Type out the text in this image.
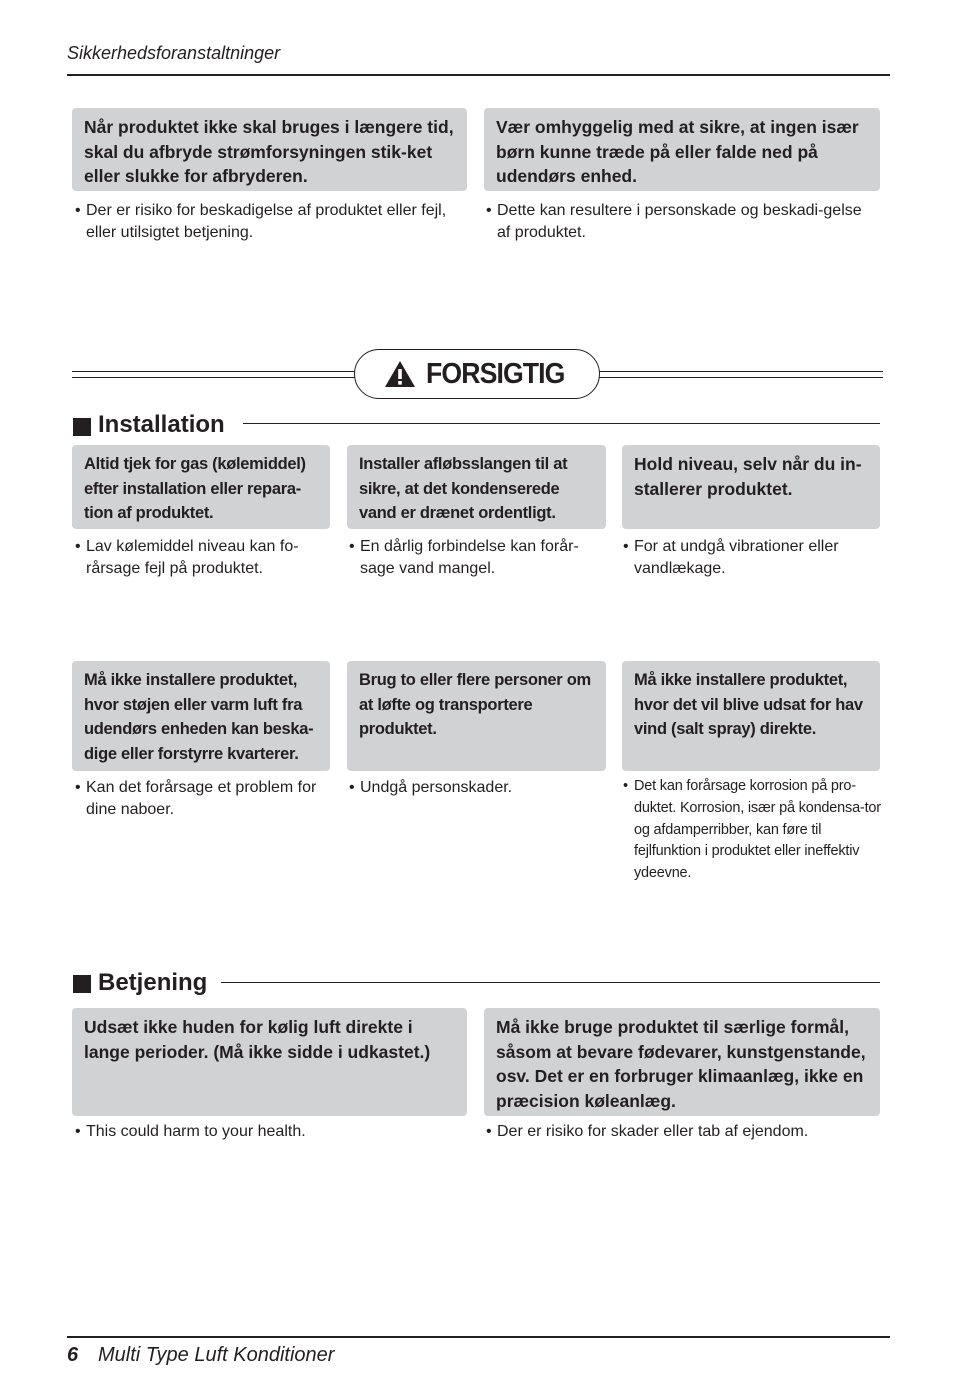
Sikkerhedsforanstaltninger
Når produktet ikke skal bruges i længere tid, skal du afbryde strømforsyningen stik-ket eller slukke for afbryderen.
• Der er risiko for beskadigelse af produktet eller fejl, eller utilsigtet betjening.
Vær omhyggelig med at sikre, at ingen især børn kunne træde på eller falde ned på udendørs enhed.
• Dette kan resultere i personskade og beskadi-gelse af produktet.
FORSIGTIG
Installation
Altid tjek for gas (kølemiddel) efter installation eller repara-tion af produktet.
• Lav kølemiddel niveau kan fo-rårsage fejl på produktet.
Installer afløbsslangen til at sikre, at det kondenserede vand er drænet ordentligt.
• En dårlig forbindelse kan forår-sage vand mangel.
Hold niveau, selv når du in-stallerer produktet.
• For at undgå vibrationer eller vandlækage.
Må ikke installere produktet, hvor støjen eller varm luft fra udendørs enheden kan beska-dige eller forstyrre kvarterer.
• Kan det forårsage et problem for dine naboer.
Brug to eller flere personer om at løfte og transportere produktet.
• Undgå personskader.
Må ikke installere produktet, hvor det vil blive udsat for hav vind (salt spray) direkte.
• Det kan forårsage korrosion på pro-duktet. Korrosion, især på kondensa-tor og afdamperribber, kan føre til fejlfunktion i produktet eller ineffektiv ydeevne.
Betjening
Udsæt ikke huden for kølig luft direkte i lange perioder. (Må ikke sidde i udkastet.)
• This could harm to your health.
Må ikke bruge produktet til særlige formål, såsom at bevare fødevarer, kunstgenstande, osv. Det er en forbruger klimaanlæg, ikke en præcision køleanlæg.
• Der er risiko for skader eller tab af ejendom.
6 Multi Type Luft Konditioner
